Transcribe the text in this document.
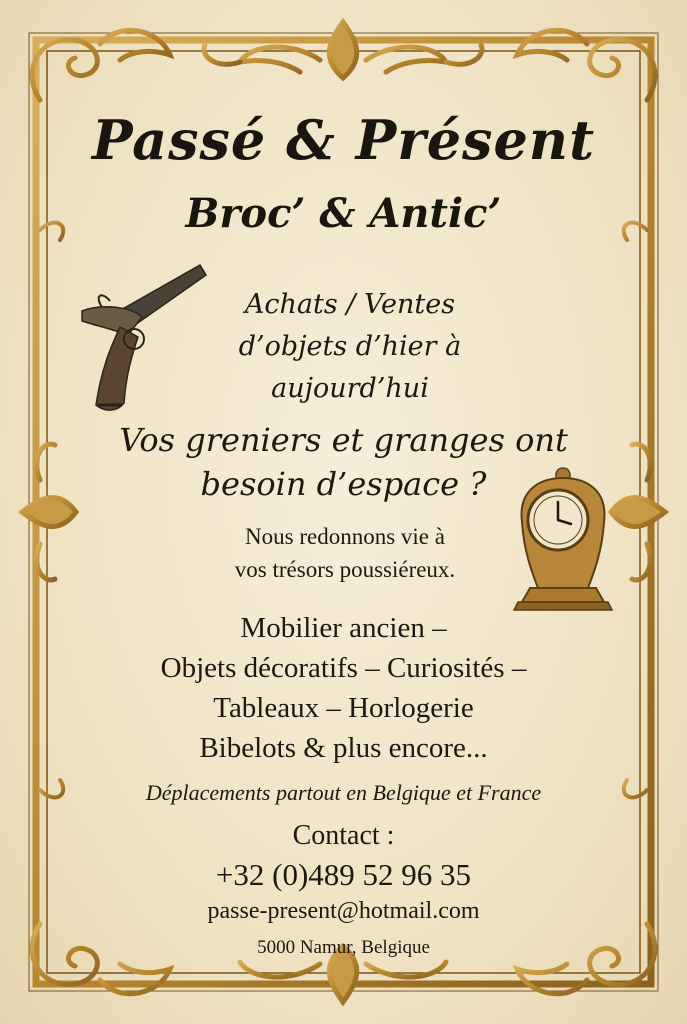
Passé & Présent
Broc’ & Antic’

Achats / Ventes
d’objets d’hier à
aujourd’hui

Vos greniers et granges ont
besoin d’espace ?

Nous redonnons vie à
vos trésors poussiéreux.

Mobilier ancien –
Objets décoratifs – Curiosités –
Tableaux – Horlogerie
Bibelots & plus encore...

Déplacements partout en Belgique et France

Contact :

+32 (0)489 52 96 35

passe-present@hotmail.com

5000 Namur, Belgique
